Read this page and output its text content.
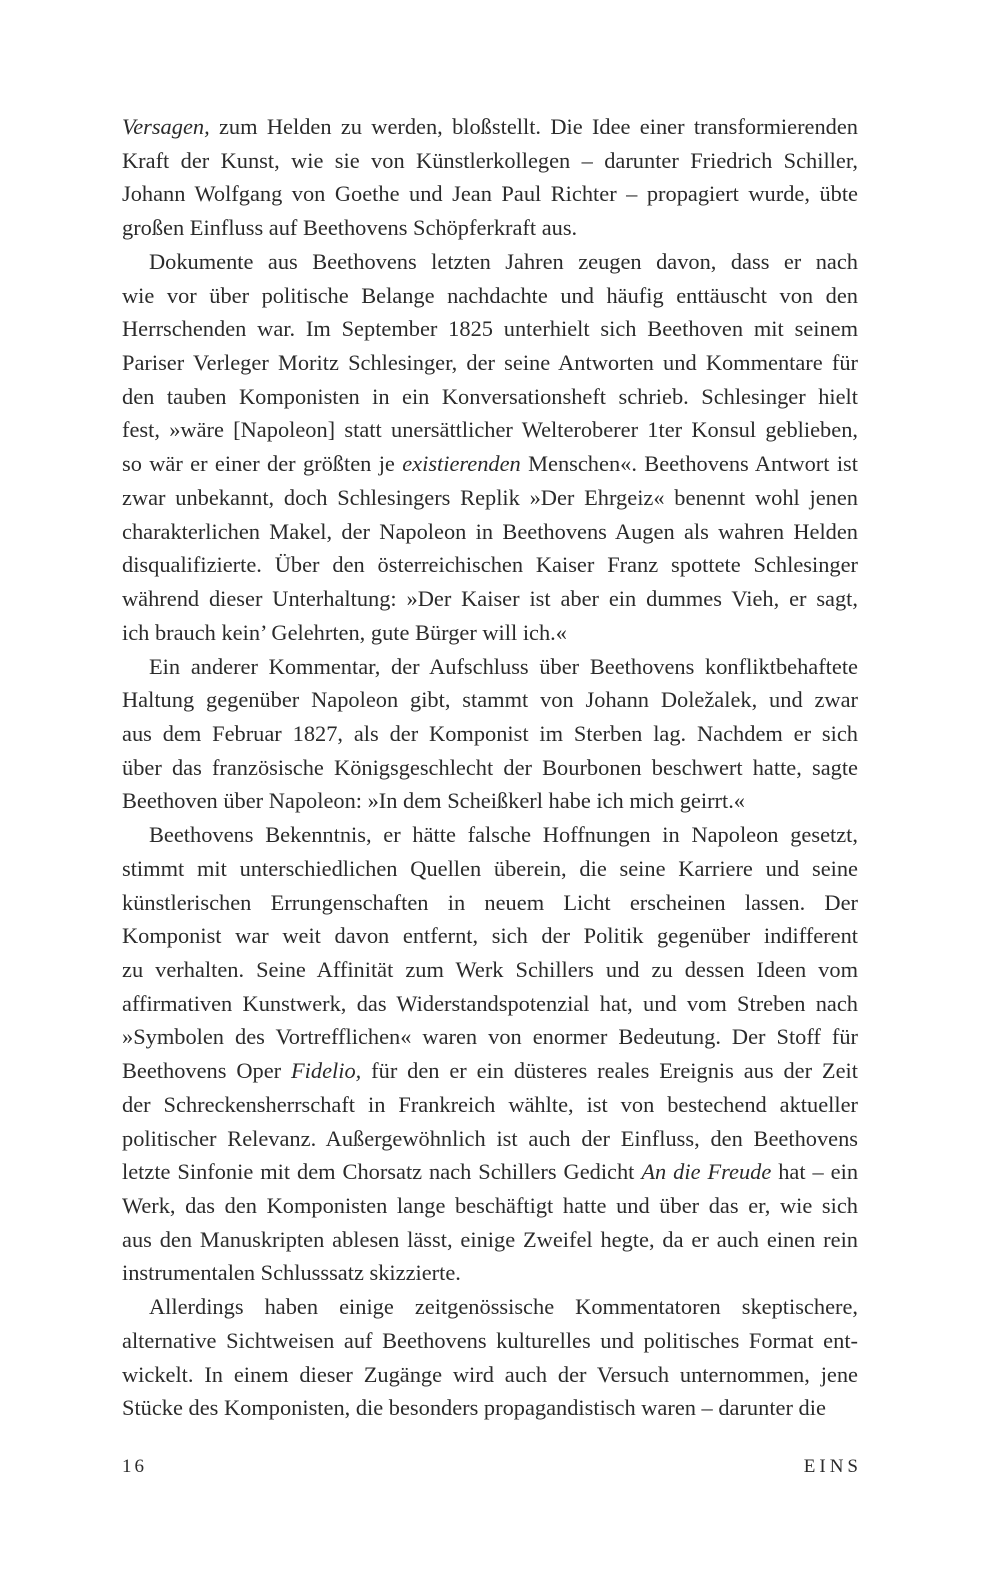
Versagen, zum Helden zu werden, bloßstellt. Die Idee einer transformierenden
Kraft der Kunst, wie sie von Künstlerkollegen – darunter Friedrich Schiller,
Johann Wolfgang von Goethe und Jean Paul Richter – propagiert wurde, übte
großen Einfluss auf Beethovens Schöpferkraft aus.
Dokumente aus Beethovens letzten Jahren zeugen davon, dass er nach
wie vor über politische Belange nachdachte und häufig enttäuscht von den
Herrschenden war. Im September 1825 unterhielt sich Beethoven mit seinem
Pariser Verleger Moritz Schlesinger, der seine Antworten und Kommentare für
den tauben Komponisten in ein Konversationsheft schrieb. Schlesinger hielt
fest, »wäre [Napoleon] statt unersättlicher Welteroberer 1ter Konsul geblieben,
so wär er einer der größten je existierenden Menschen«. Beethovens Antwort ist
zwar unbekannt, doch Schlesingers Replik »Der Ehrgeiz« benennt wohl jenen
charakterlichen Makel, der Napoleon in Beethovens Augen als wahren Helden
disqualifizierte. Über den österreichischen Kaiser Franz spottete Schlesinger
während dieser Unterhaltung: »Der Kaiser ist aber ein dummes Vieh, er sagt,
ich brauch kein’ Gelehrten, gute Bürger will ich.«
Ein anderer Kommentar, der Aufschluss über Beethovens konfliktbehaftete
Haltung gegenüber Napoleon gibt, stammt von Johann Doležalek, und zwar
aus dem Februar 1827, als der Komponist im Sterben lag. Nachdem er sich
über das französische Königsgeschlecht der Bourbonen beschwert hatte, sagte
Beethoven über Napoleon: »In dem Scheißkerl habe ich mich geirrt.«
Beethovens Bekenntnis, er hätte falsche Hoffnungen in Napoleon gesetzt,
stimmt mit unterschiedlichen Quellen überein, die seine Karriere und seine
künstlerischen Errungenschaften in neuem Licht erscheinen lassen. Der
Komponist war weit davon entfernt, sich der Politik gegenüber indifferent
zu verhalten. Seine Affinität zum Werk Schillers und zu dessen Ideen vom
affirmativen Kunstwerk, das Widerstandspotenzial hat, und vom Streben nach
»Symbolen des Vortrefflichen« waren von enormer Bedeutung. Der Stoff für
Beethovens Oper Fidelio, für den er ein düsteres reales Ereignis aus der Zeit
der Schreckensherrschaft in Frankreich wählte, ist von bestechend aktueller
politischer Relevanz. Außergewöhnlich ist auch der Einfluss, den Beethovens
letzte Sinfonie mit dem Chorsatz nach Schillers Gedicht An die Freude hat – ein
Werk, das den Komponisten lange beschäftigt hatte und über das er, wie sich
aus den Manuskripten ablesen lässt, einige Zweifel hegte, da er auch einen rein
instrumentalen Schlusssatz skizzierte.
Allerdings haben einige zeitgenössische Kommentatoren skeptischere,
alternative Sichtweisen auf Beethovens kulturelles und politisches Format ent-
wickelt. In einem dieser Zugänge wird auch der Versuch unternommen, jene
Stücke des Komponisten, die besonders propagandistisch waren – darunter die
16	EINS
